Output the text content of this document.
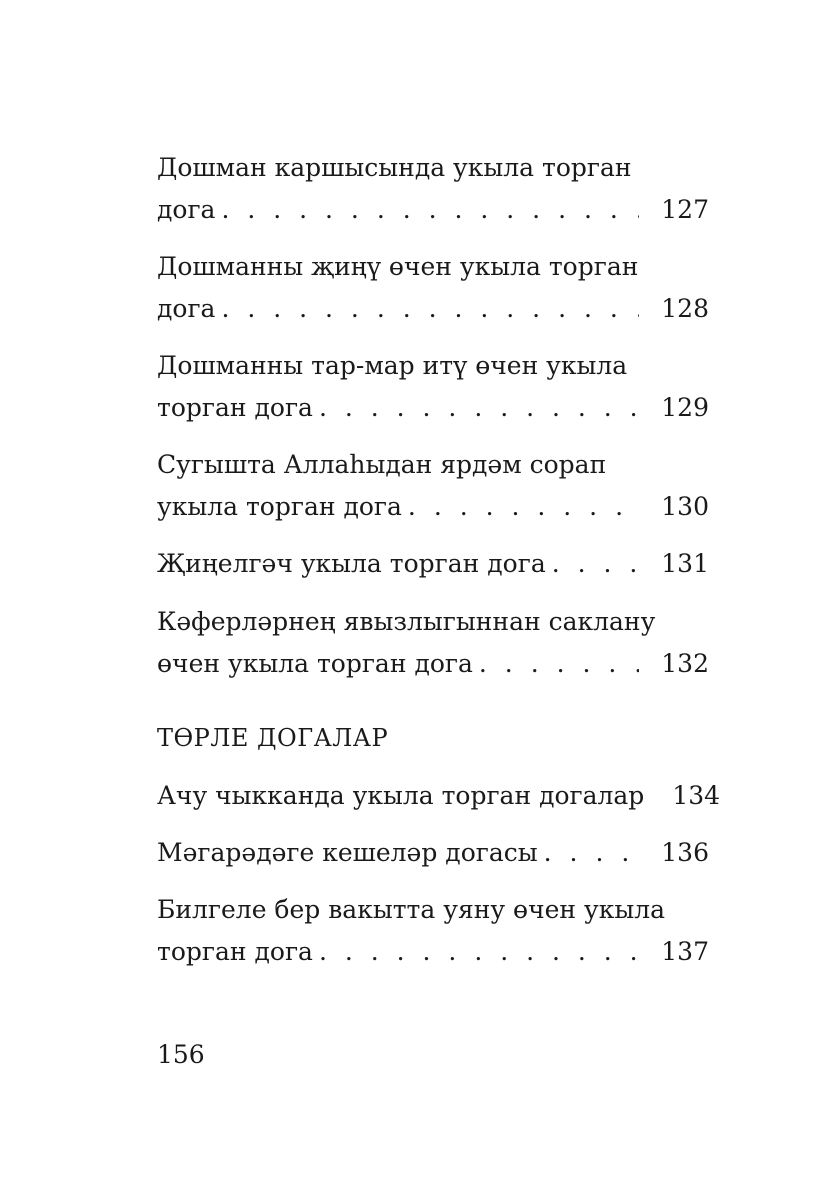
Дошман каршысында укыла торган
дога . . .	127
Дошманны җиңү өчен укыла торган
дога . . .	128
Дошманны тар-мар итү өчен укыла
торган дога . . .	129
Сугышта Аллаһыдан ярдәм сорап
укыла торган дога . . .	130
Җиңелгәч укыла торган дога . . .	131
Кәферләрнең явызлыгыннан саклану
өчен укыла торган дога . . .	132
ТӨРЛЕ ДОГАЛАР
Ачу чыкканда укыла торган догалар 134
Мәгарәдәге кешеләр догасы . . .	136
Билгеле бер вакытта уяну өчен укыла
торган дога . . .	137
156
